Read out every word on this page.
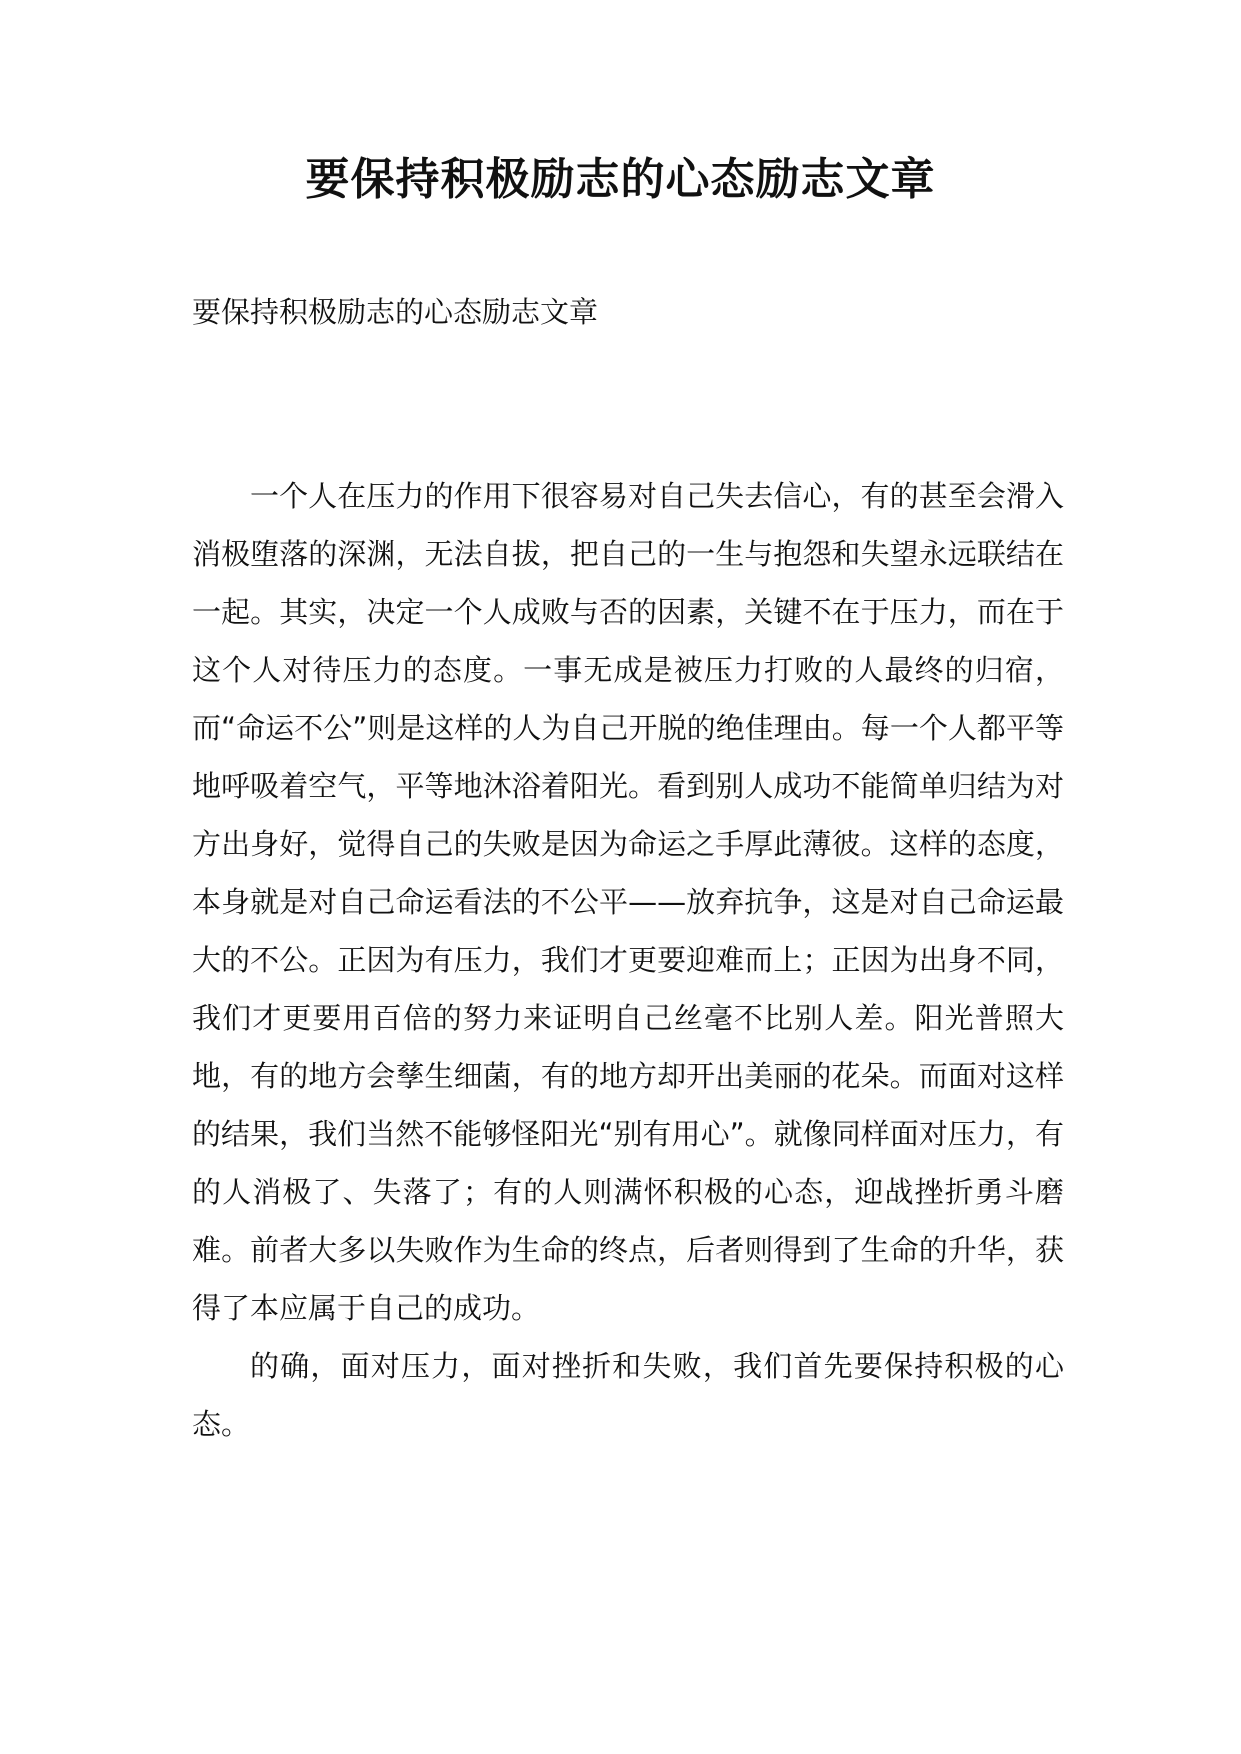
要保持积极励志的心态励志文章
要保持积极励志的心态励志文章

一个人在压力的作用下很容易对自己失去信心，有的甚至会滑入消极堕落的深渊，无法自拔，把自己的一生与抱怨和失望永远联结在一起。其实，决定一个人成败与否的因素，关键不在于压力，而在于这个人对待压力的态度。一事无成是被压力打败的人最终的归宿，而“命运不公”则是这样的人为自己开脱的绝佳理由。每一个人都平等地呼吸着空气，平等地沐浴着阳光。看到别人成功不能简单归结为对方出身好，觉得自己的失败是因为命运之手厚此薄彼。这样的态度，本身就是对自己命运看法的不公平——放弃抗争，这是对自己命运最大的不公。正因为有压力，我们才更要迎难而上；正因为出身不同，我们才更要用百倍的努力来证明自己丝毫不比别人差。阳光普照大地，有的地方会孳生细菌，有的地方却开出美丽的花朵。而面对这样的结果，我们当然不能够怪阳光“别有用心”。就像同样面对压力，有的人消极了、失落了；有的人则满怀积极的心态，迎战挫折勇斗磨难。前者大多以失败作为生命的终点，后者则得到了生命的升华，获得了本应属于自己的成功。

的确，面对压力，面对挫折和失败，我们首先要保持积极的心态。
